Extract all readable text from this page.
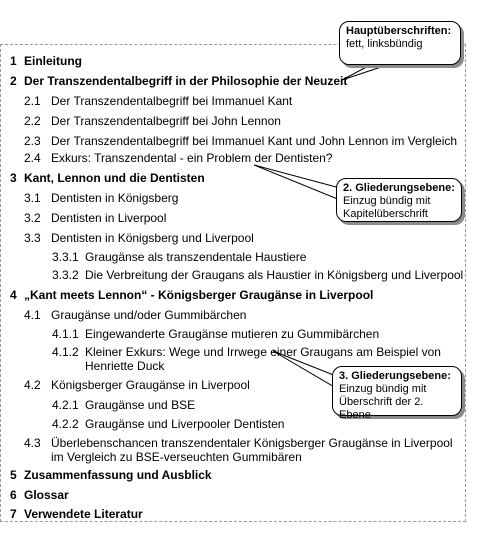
1 Einleitung
2 Der Transzendentalbegriff in der Philosophie der Neuzeit
2.1 Der Transzendentalbegriff bei Immanuel Kant
2.2 Der Transzendentalbegriff bei John Lennon
2.3 Der Transzendentalbegriff bei Immanuel Kant und John Lennon im Vergleich
2.4 Exkurs: Transzendental - ein Problem der Dentisten?
3 Kant, Lennon und die Dentisten
3.1 Dentisten in Königsberg
3.2 Dentisten in Liverpool
3.3 Dentisten in Königsberg und Liverpool
3.3.1 Graugänse als transzendentale Haustiere
3.3.2 Die Verbreitung der Graugans als Haustier in Königsberg und Liverpool
4 „Kant meets Lennon“ - Königsberger Graugänse in Liverpool
4.1 Graugänse und/oder Gummibärchen
4.1.1 Eingewanderte Graugänse mutieren zu Gummibärchen
4.1.2 Kleiner Exkurs: Wege und Irrwege einer Graugans am Beispiel von Henriette Duck
4.2 Königsberger Graugänse in Liverpool
4.2.1 Graugänse und BSE
4.2.2 Graugänse und Liverpooler Dentisten
4.3 Überlebenschancen transzendentaler Königsberger Graugänse in Liverpool im Vergleich zu BSE-verseuchten Gummibären
5 Zusammenfassung und Ausblick
6 Glossar
7 Verwendete Literatur
Hauptüberschriften:
fett, linksbündig
2. Gliederungsebene:
Einzug bündig mit Kapitelüberschrift
3. Gliederungsebene:
Einzug bündig mit Überschrift der 2. Ebene
